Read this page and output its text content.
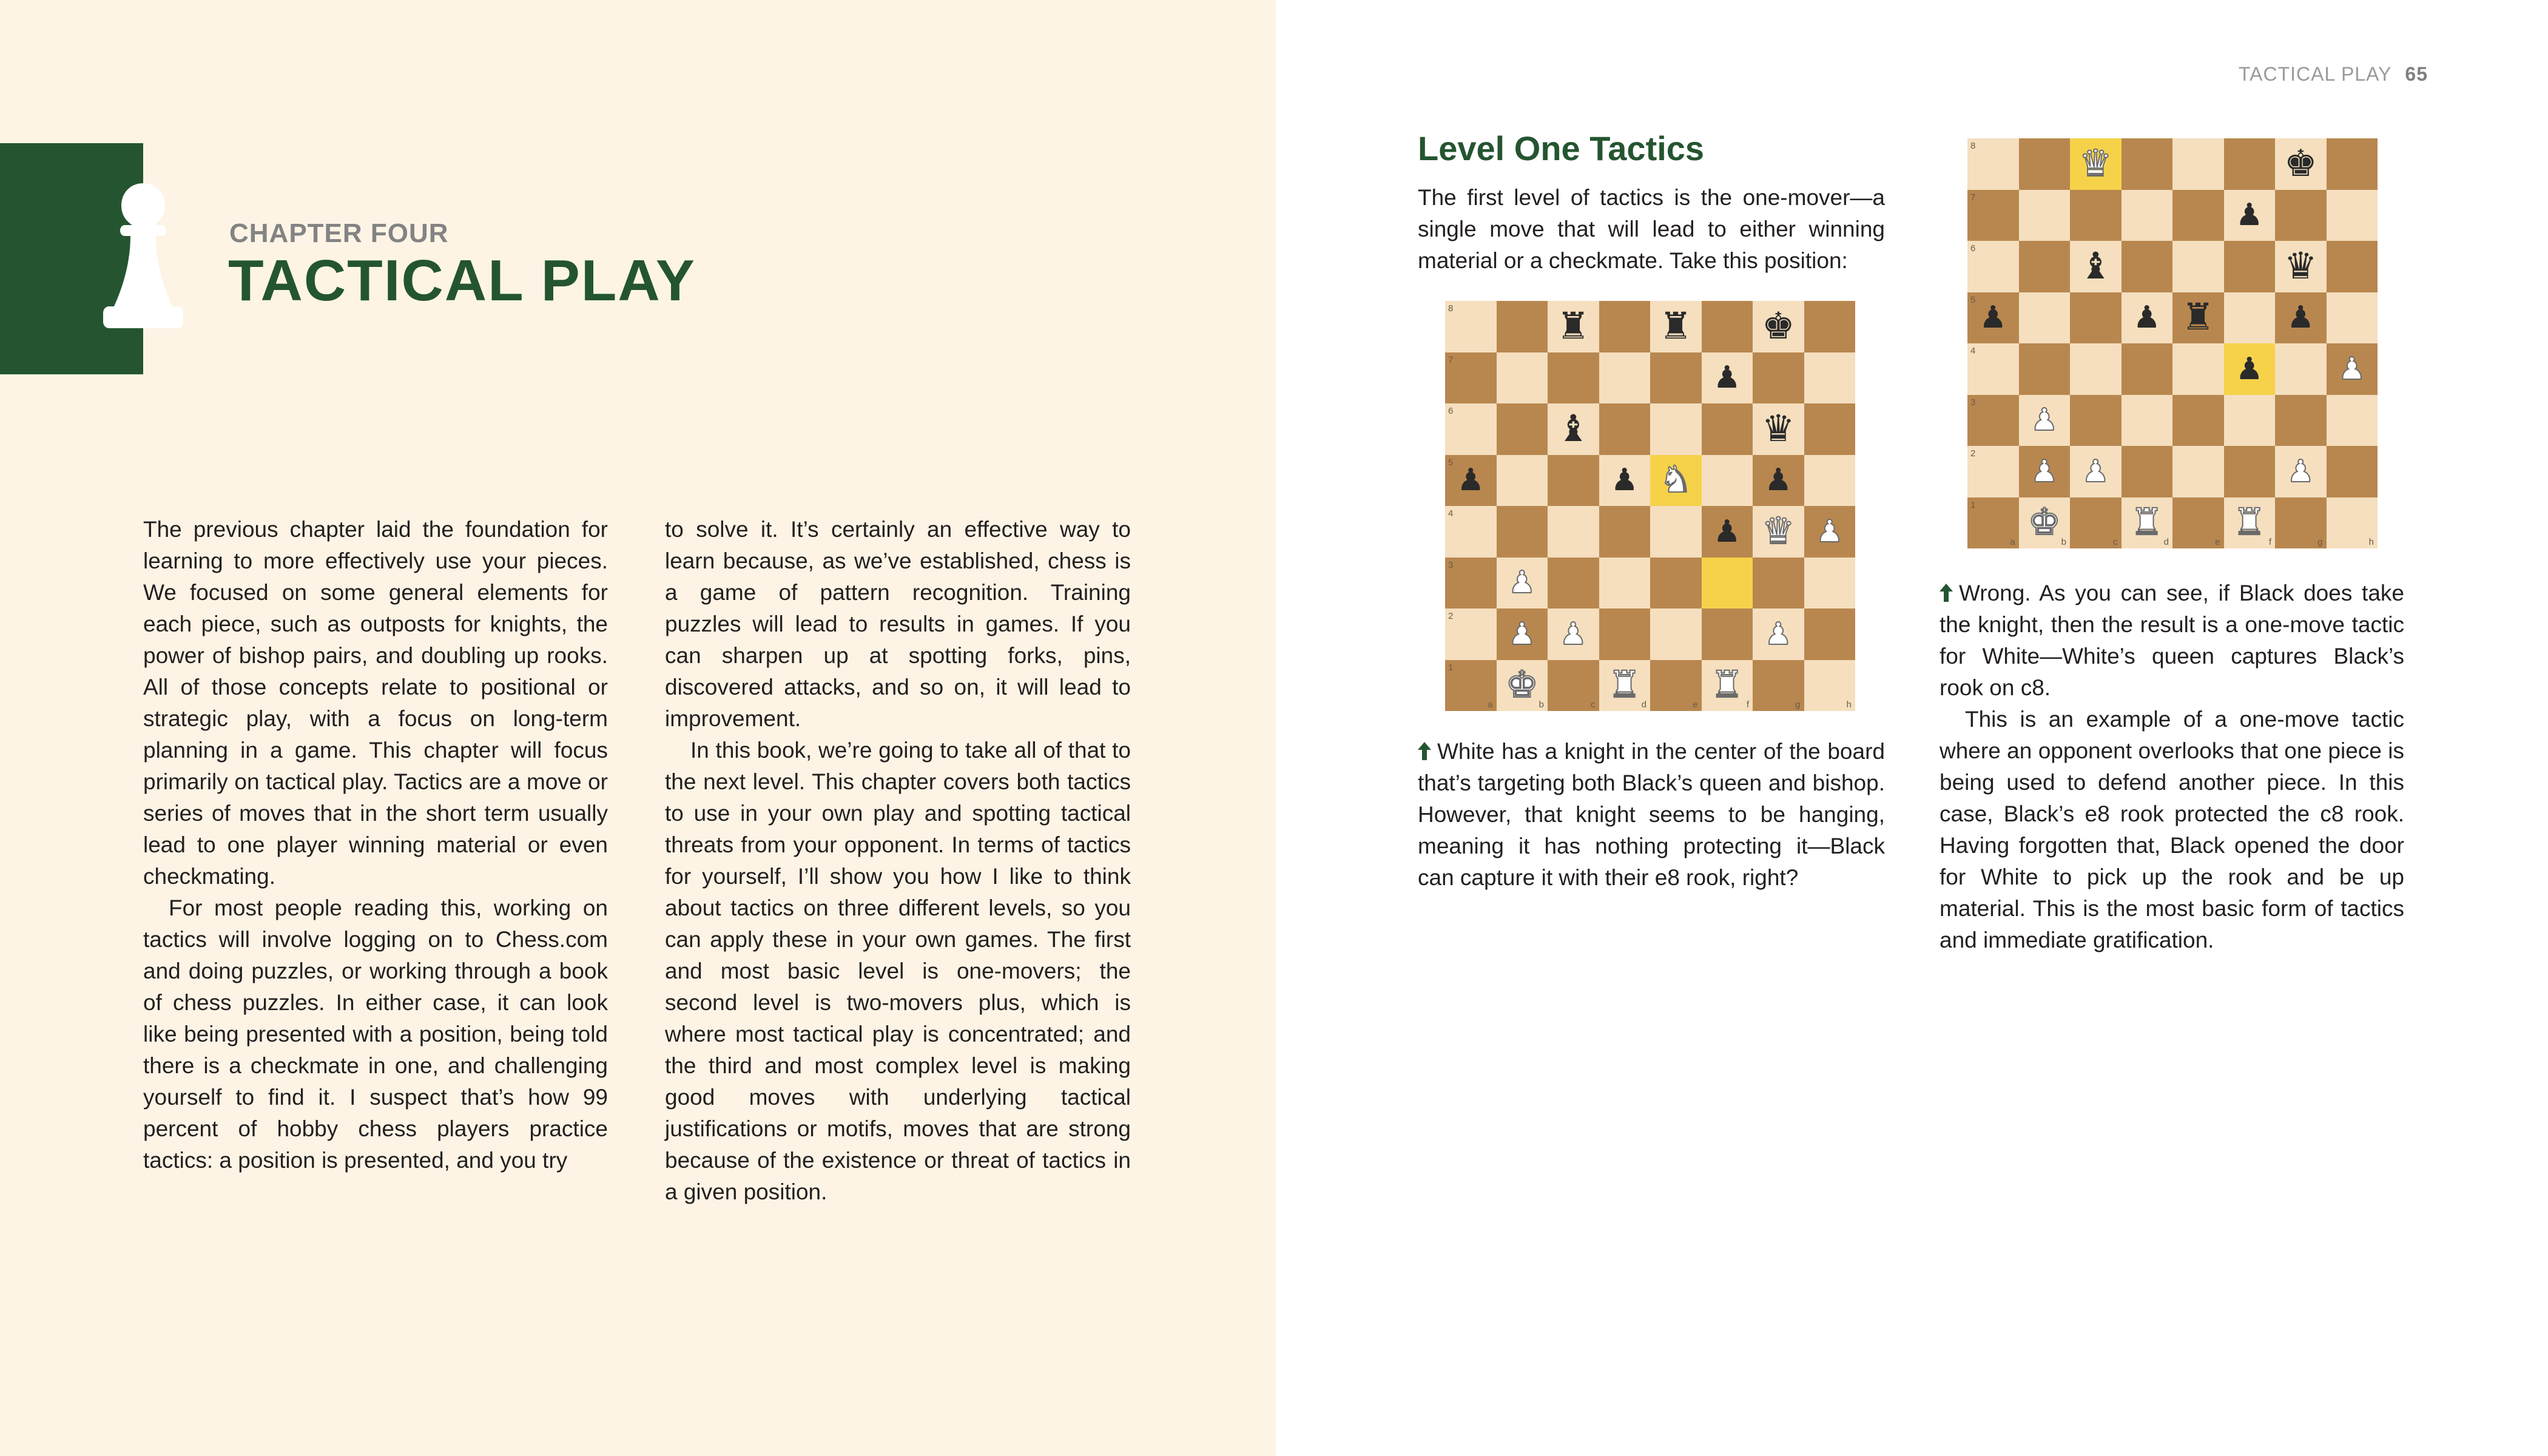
CHAPTER FOUR
TACTICAL PLAY

The previous chapter laid the foundation for learning to more effectively use your pieces. We focused on some general elements for each piece, such as outposts for knights, the power of bishop pairs, and doubling up rooks. All of those concepts relate to positional or strategic play, with a focus on long-term planning in a game. This chapter will focus primarily on tactical play. Tactics are a move or series of moves that in the short term usually lead to one player winning material or even checkmating.

For most people reading this, working on tactics will involve logging on to Chess.com and doing puzzles, or working through a book of chess puzzles. In either case, it can look like being presented with a position, being told there is a checkmate in one, and challenging yourself to find it. I suspect that’s how 99 percent of hobby chess players practice tactics: a position is presented, and you try

to solve it. It’s certainly an effective way to learn because, as we’ve established, chess is a game of pattern recognition. Training puzzles will lead to results in games. If you can sharpen up at spotting forks, pins, discovered attacks, and so on, it will lead to improvement.

In this book, we’re going to take all of that to the next level. This chapter covers both tactics to use in your own play and spotting tactical threats from your opponent. In terms of tactics for yourself, I’ll show you how I like to think about tactics on three different levels, so you can apply these in your own games. The first and most basic level is one-movers; the second level is two-movers plus, which is where most tactical play is concentrated; and the third and most complex level is making good moves with underlying tactical justifications or motifs, moves that are strong because of the existence or threat of tactics in a given position.

TACTICAL PLAY 65
Level One Tactics

The first level of tactics is the one-mover—a single move that will lead to either winning material or a checkmate. Take this position:

8	♜ ♜ ♚
7	♟
6	♝	♛
5 ♟	♟ ♞ ♟
4	♟ ♛ ♟
3 ♟
2 ♟ ♟	♟
1
a	b
♚	c	d
♜	e	f
♜	g	h
8	♛	♚
7	♟
6	♝	♛
5 ♟	♟ ♜ ♟
4	♟ ♟
3 ♟
2 ♟ ♟	♟
1
a	b
♚	c	d
♜	e	f
♜	g	h

White has a knight in the center of the board that’s targeting both Black’s queen and bishop. However, that knight seems to be hanging, meaning it has nothing protecting it—Black can capture it with their e8 rook, right?

Wrong. As you can see, if Black does take the knight, then the result is a one-move tactic for White—White’s queen captures Black’s rook on c8.

This is an example of a one-move tactic where an opponent overlooks that one piece is being used to defend another piece. In this case, Black’s e8 rook protected the c8 rook. Having forgotten that, Black opened the door for White to pick up the rook and be up material. This is the most basic form of tactics and immediate gratification.
